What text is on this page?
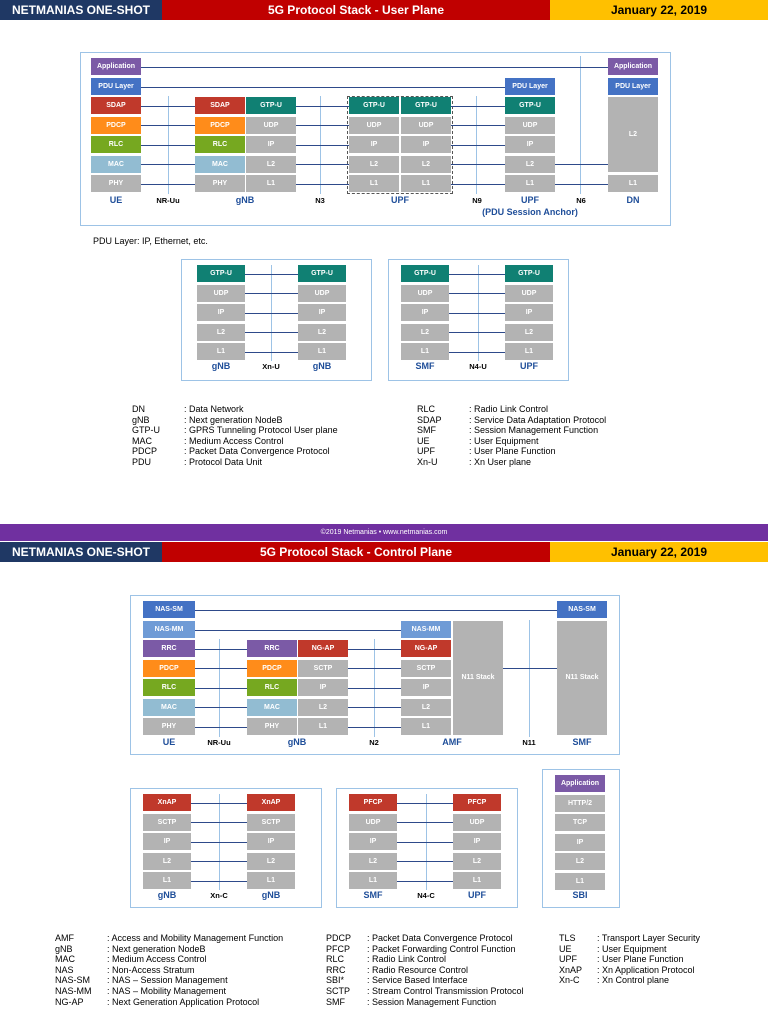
NETMANIAS ONE-SHOT	5G Protocol Stack - User Plane	January 22, 2019
PDU Layer: IP, Ethernet, etc.
DN	: Data Network
gNB	: Next generation NodeB
GTP-U	: GPRS Tunneling Protocol User plane
MAC	: Medium Access Control
PDCP	: Packet Data Convergence Protocol
PDU	: Protocol Data Unit
RLC	: Radio Link Control
SDAP	: Service Data Adaptation Protocol
SMF	: Session Management Function
UE	: User Equipment
UPF	: User Plane Function
Xn-U	: Xn User plane
©2019 Netmanias • www.netmanias.com
NETMANIAS ONE-SHOT	5G Protocol Stack - Control Plane	January 22, 2019
AMF	: Access and Mobility Management Function
gNB	: Next generation NodeB
MAC	: Medium Access Control
NAS	: Non-Access Stratum
NAS-SM : NAS – Session Management
NAS-MM : NAS – Mobility Management
NG-AP	: Next Generation Application Protocol
PDCP : Packet Data Convergence Protocol
PFCP : Packet Forwarding Control Function
RLC	: Radio Link Control
RRC : Radio Resource Control
SBI*	: Service Based Interface
SCTP : Stream Control Transmission Protocol
SMF : Session Management Function
TLS : Transport Layer Security
UE	: User Equipment
UPF : User Plane Function
XnAP : Xn Application Protocol
Xn-C : Xn Control plane
Application
PDU Layer
SDAP
PDCP
RLC
MAC
PHY
SDAP
PDCP
RLC
MAC
PHY
GTP-U
UDP
IP
L2
L1
GTP-U
UDP
IP
L2
L1
GTP-U
UDP
IP
L2
L1
PDU Layer
GTP-U
UDP
IP
L2
L1
Application
PDU Layer
L2
L1
UE	NR-Uu	gNB	N3	UPF	N9	UPF	N6	DN
(PDU Session Anchor)
GTP-U
UDP
IP
L2
L1
GTP-U
UDP
IP
L2
L1
gNB	Xn-U	gNB
GTP-U
UDP
IP
L2
L1
GTP-U
UDP
IP
L2
L1
SMF	N4-U	UPF
NAS-SM
NAS-MM
RRC
PDCP
RLC
MAC
PHY
RRC
PDCP
RLC
MAC
PHY
NG-AP
SCTP
IP
L2
L1
NAS-MM
NG-AP
SCTP
IP
L2
L1
N11 Stack
NAS-SM
N11 Stack
UE	NR-Uu	gNB	N2	AMF	N11	SMF
XnAP
SCTP
IP
L2
L1
XnAP
SCTP
IP
L2
L1
gNB	Xn-C	gNB
PFCP
UDP
IP
L2
L1
PFCP
UDP
IP
L2
L1
SMF	N4-C	UPF
Application
HTTP/2
TCP
IP
L2
L1
SBI
